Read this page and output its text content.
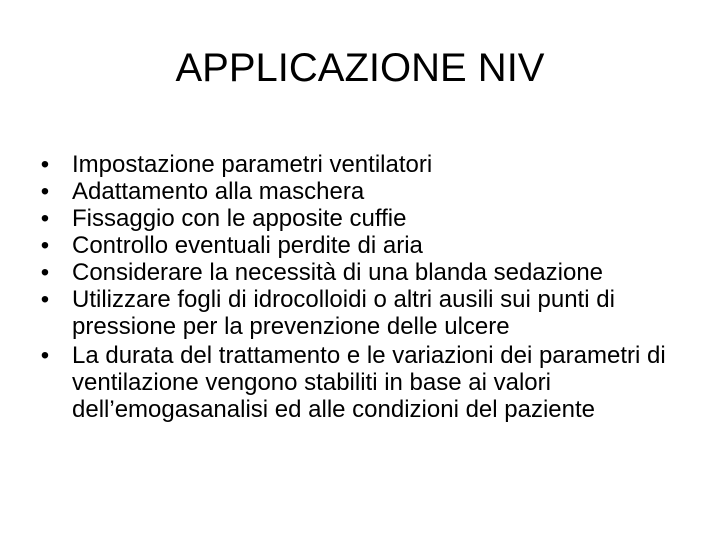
APPLICAZIONE NIV
• Impostazione parametri ventilatori
• Adattamento alla maschera
• Fissaggio con le apposite cuffie
• Controllo eventuali perdite di aria
• Considerare la necessità di una blanda sedazione
• Utilizzare fogli di idrocolloidi o altri ausili sui punti di pressione per la prevenzione delle ulcere
• La durata del trattamento e le variazioni dei parametri di ventilazione vengono stabiliti in base ai valori dell’emogasanalisi ed alle condizioni del paziente
